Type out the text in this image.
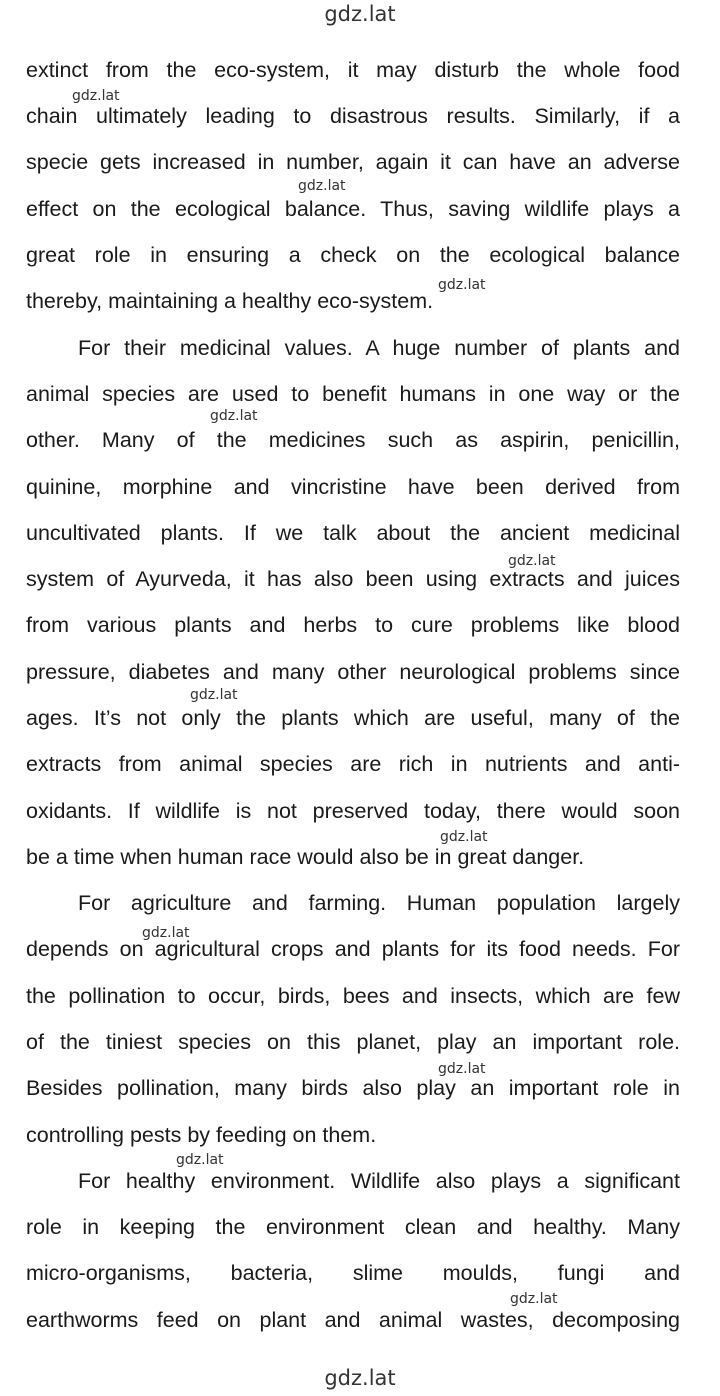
gdz.lat
extinct from the eco-system, it may disturb the whole food
chain ultimately leading to disastrous results. Similarly, if a
specie gets increased in number, again it can have an adverse
effect on the ecological balance. Thus, saving wildlife plays a
great role in ensuring a check on the ecological balance
thereby, maintaining a healthy eco-system.
For their medicinal values. A huge number of plants and
animal species are used to benefit humans in one way or the
other. Many of the medicines such as aspirin, penicillin,
quinine, morphine and vincristine have been derived from
uncultivated plants. If we talk about the ancient medicinal
system of Ayurveda, it has also been using extracts and juices
from various plants and herbs to cure problems like blood
pressure, diabetes and many other neurological problems since
ages. It’s not only the plants which are useful, many of the
extracts from animal species are rich in nutrients and anti-
oxidants. If wildlife is not preserved today, there would soon
be a time when human race would also be in great danger.
For agriculture and farming. Human population largely
depends on agricultural crops and plants for its food needs. For
the pollination to occur, birds, bees and insects, which are few
of the tiniest species on this planet, play an important role.
Besides pollination, many birds also play an important role in
controlling pests by feeding on them.
For healthy environment. Wildlife also plays a significant
role in keeping the environment clean and healthy. Many
micro-organisms, bacteria, slime moulds, fungi and
earthworms feed on plant and animal wastes, decomposing
gdz.lat
gdz.lat
gdz.lat
gdz.lat
gdz.lat
gdz.lat
gdz.lat
gdz.lat
gdz.lat
gdz.lat
gdz.lat
gdz.lat
